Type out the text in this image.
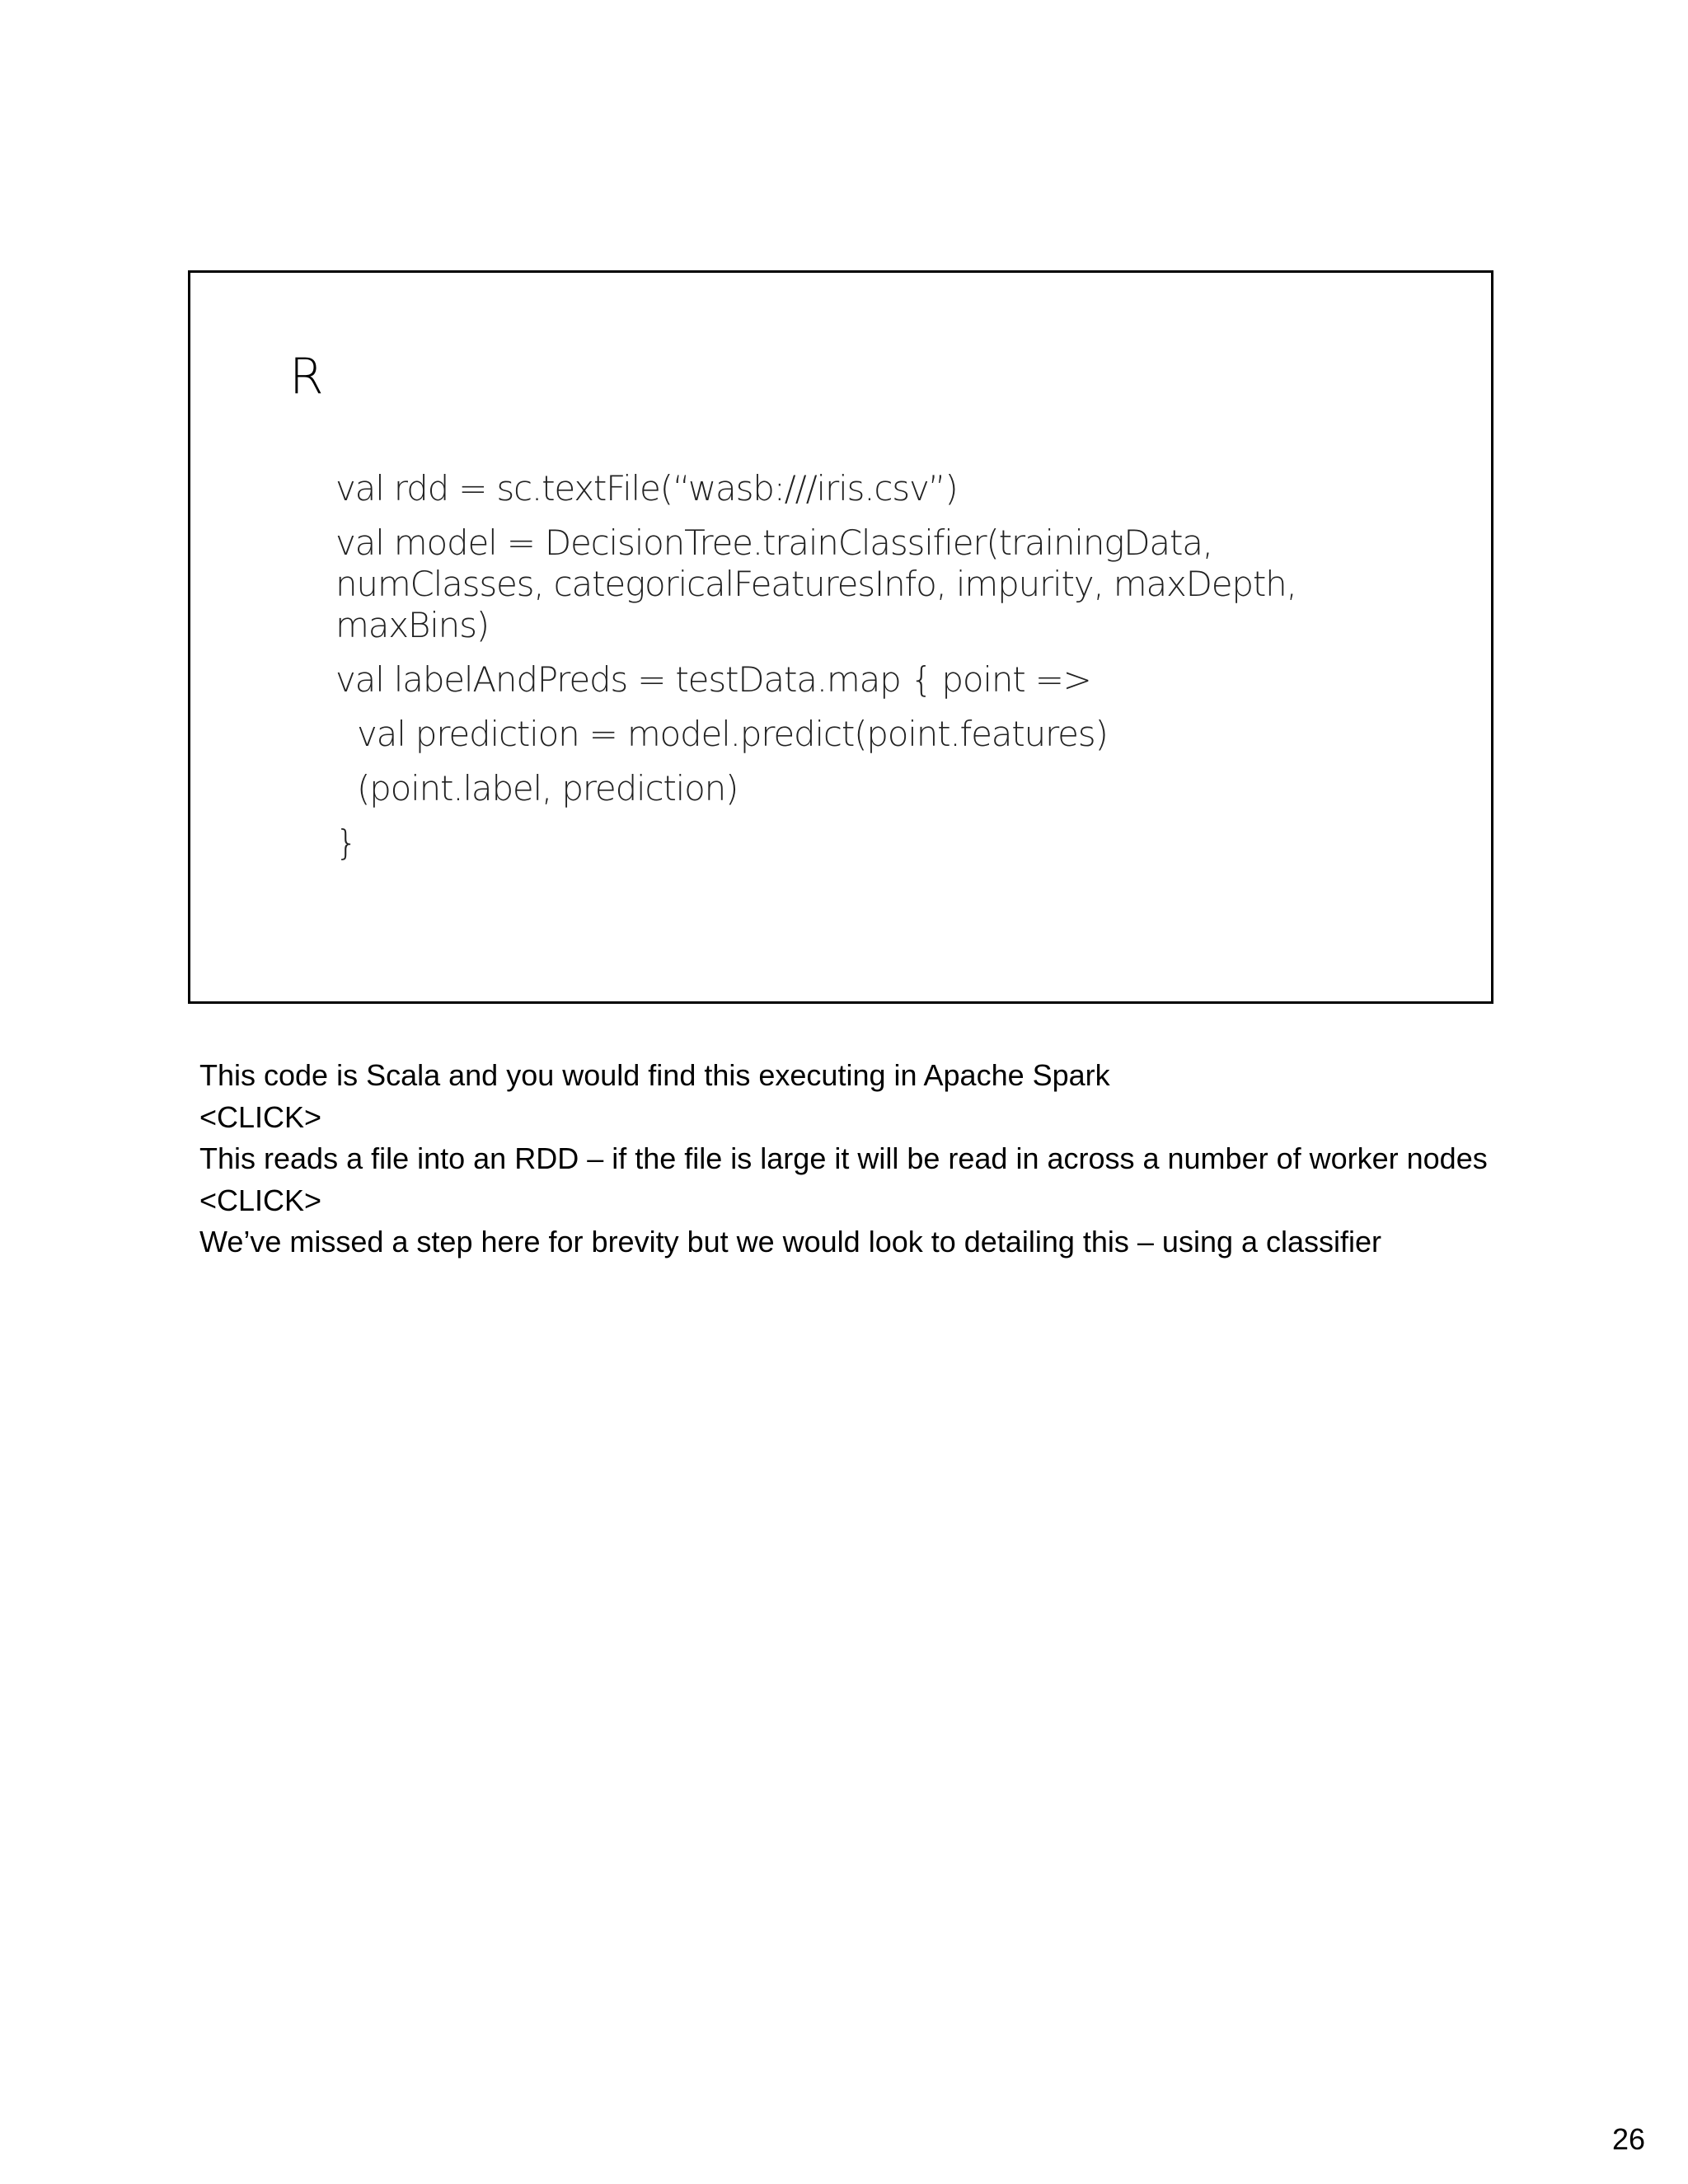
R
val rdd = sc.textFile(“wasb:///iris.csv”)
val model = DecisionTree.trainClassifier(trainingData, numClasses, categoricalFeaturesInfo, impurity, maxDepth, maxBins)
val labelAndPreds = testData.map { point =>
val prediction = model.predict(point.features)
(point.label, prediction)
}

This code is Scala and you would find this executing in Apache Spark

<CLICK>

This reads a file into an RDD – if the file is large it will be read in across a number of worker nodes

<CLICK>

We’ve missed a step here for brevity but we would look to detailing this – using a classifier

26
